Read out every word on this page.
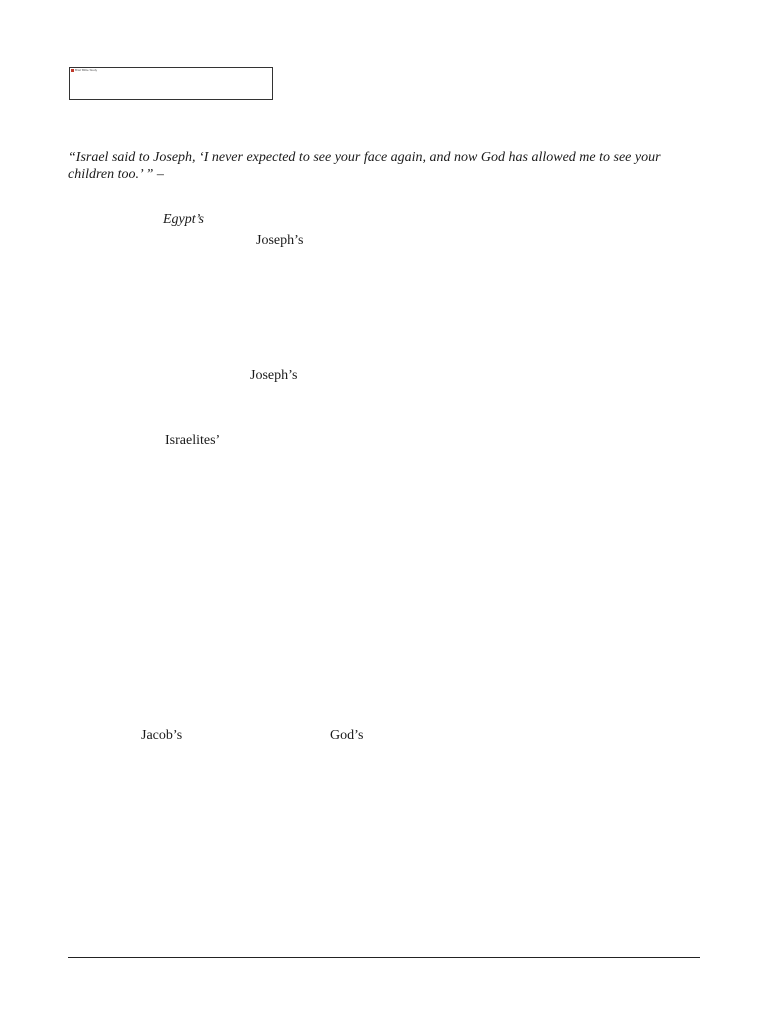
Brief Bible Study

“Israel said to Joseph, ‘I never expected to see your face again, and now God has allowed me to see your children too.’ ” –

Egypt’s
Joseph’s
Joseph’s
Israelites’
Jacob’s	God’s
